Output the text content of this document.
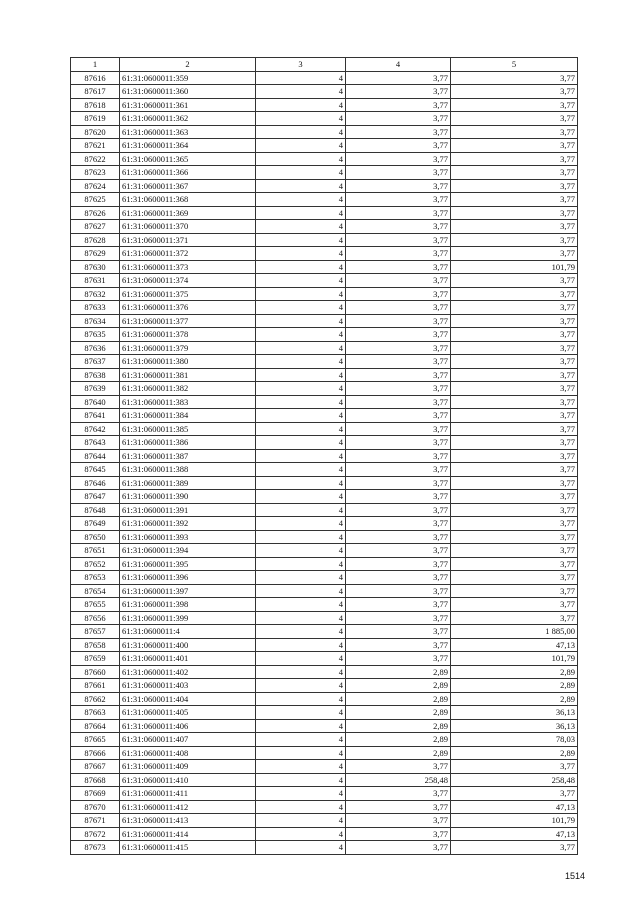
1	2	3	4	5
87616	61:31:0600011:359	4	3,77	3,77
87617	61:31:0600011:360	4	3,77	3,77
87618	61:31:0600011:361	4	3,77	3,77
87619	61:31:0600011:362	4	3,77	3,77
87620	61:31:0600011:363	4	3,77	3,77
87621	61:31:0600011:364	4	3,77	3,77
87622	61:31:0600011:365	4	3,77	3,77
87623	61:31:0600011:366	4	3,77	3,77
87624	61:31:0600011:367	4	3,77	3,77
87625	61:31:0600011:368	4	3,77	3,77
87626	61:31:0600011:369	4	3,77	3,77
87627	61:31:0600011:370	4	3,77	3,77
87628	61:31:0600011:371	4	3,77	3,77
87629	61:31:0600011:372	4	3,77	3,77
87630	61:31:0600011:373	4	3,77	101,79
87631	61:31:0600011:374	4	3,77	3,77
87632	61:31:0600011:375	4	3,77	3,77
87633	61:31:0600011:376	4	3,77	3,77
87634	61:31:0600011:377	4	3,77	3,77
87635	61:31:0600011:378	4	3,77	3,77
87636	61:31:0600011:379	4	3,77	3,77
87637	61:31:0600011:380	4	3,77	3,77
87638	61:31:0600011:381	4	3,77	3,77
87639	61:31:0600011:382	4	3,77	3,77
87640	61:31:0600011:383	4	3,77	3,77
87641	61:31:0600011:384	4	3,77	3,77
87642	61:31:0600011:385	4	3,77	3,77
87643	61:31:0600011:386	4	3,77	3,77
87644	61:31:0600011:387	4	3,77	3,77
87645	61:31:0600011:388	4	3,77	3,77
87646	61:31:0600011:389	4	3,77	3,77
87647	61:31:0600011:390	4	3,77	3,77
87648	61:31:0600011:391	4	3,77	3,77
87649	61:31:0600011:392	4	3,77	3,77
87650	61:31:0600011:393	4	3,77	3,77
87651	61:31:0600011:394	4	3,77	3,77
87652	61:31:0600011:395	4	3,77	3,77
87653	61:31:0600011:396	4	3,77	3,77
87654	61:31:0600011:397	4	3,77	3,77
87655	61:31:0600011:398	4	3,77	3,77
87656	61:31:0600011:399	4	3,77	3,77
87657	61:31:0600011:4	4	3,77	1 885,00
87658	61:31:0600011:400	4	3,77	47,13
87659	61:31:0600011:401	4	3,77	101,79
87660	61:31:0600011:402	4	2,89	2,89
87661	61:31:0600011:403	4	2,89	2,89
87662	61:31:0600011:404	4	2,89	2,89
87663	61:31:0600011:405	4	2,89	36,13
87664	61:31:0600011:406	4	2,89	36,13
87665	61:31:0600011:407	4	2,89	78,03
87666	61:31:0600011:408	4	2,89	2,89
87667	61:31:0600011:409	4	3,77	3,77
87668	61:31:0600011:410	4	258,48	258,48
87669	61:31:0600011:411	4	3,77	3,77
87670	61:31:0600011:412	4	3,77	47,13
87671	61:31:0600011:413	4	3,77	101,79
87672	61:31:0600011:414	4	3,77	47,13
87673	61:31:0600011:415	4	3,77	3,77
1514
